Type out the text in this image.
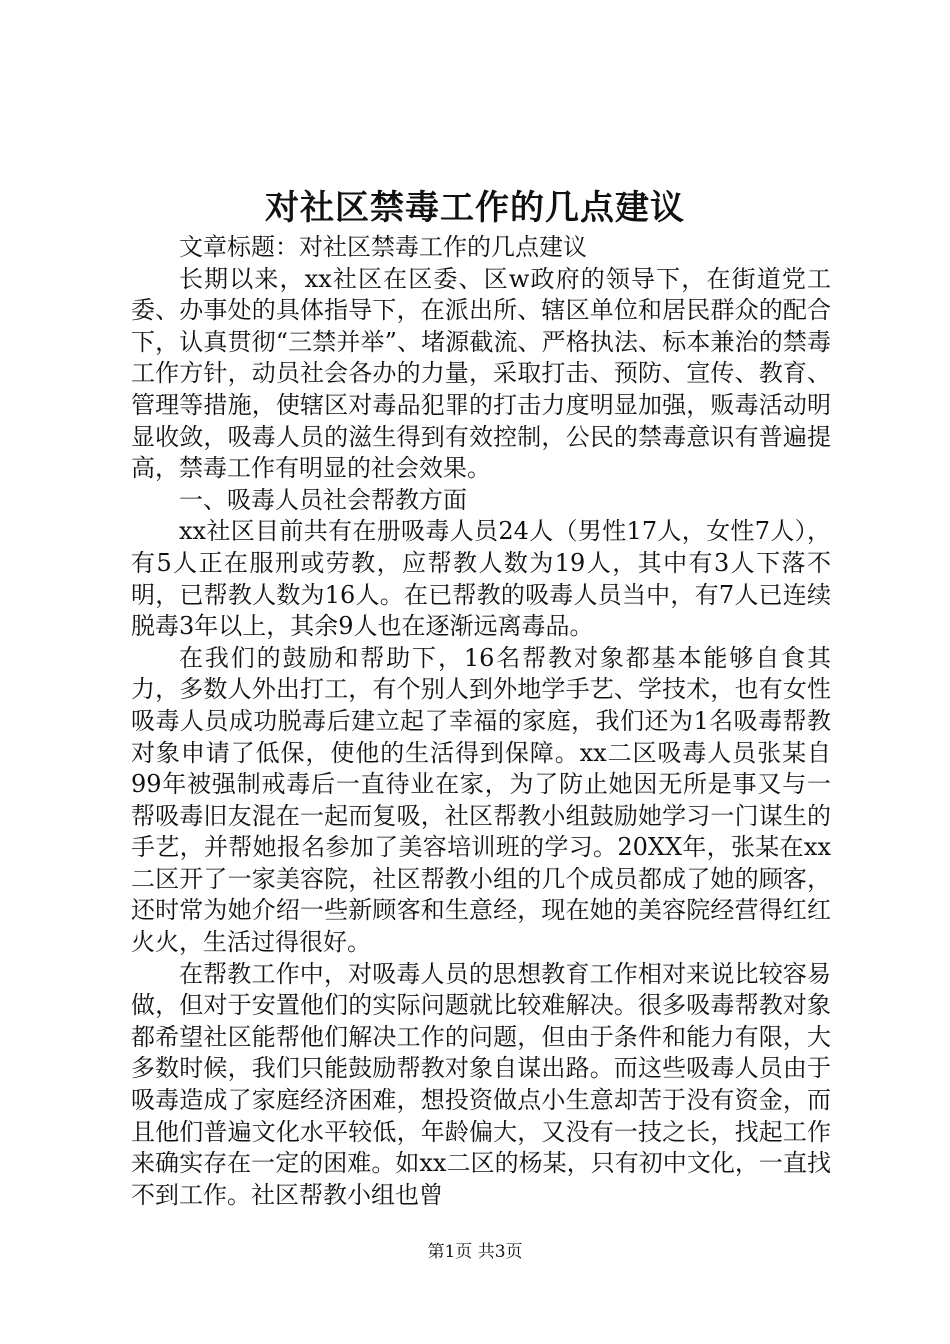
对社区禁毒工作的几点建议

文章标题：对社区禁毒工作的几点建议

长期以来，xx社区在区委、区w政府的领导下，在街道党工委、办事处的具体指导下，在派出所、辖区单位和居民群众的配合下，认真贯彻“三禁并举”、堵源截流、严格执法、标本兼治的禁毒工作方针，动员社会各办的力量，采取打击、预防、宣传、教育、管理等措施，使辖区对毒品犯罪的打击力度明显加强，贩毒活动明显收敛，吸毒人员的滋生得到有效控制，公民的禁毒意识有普遍提高，禁毒工作有明显的社会效果。

一、吸毒人员社会帮教方面

xx社区目前共有在册吸毒人员24人（男性17人，女性7人），有5人正在服刑或劳教，应帮教人数为19人，其中有3人下落不明，已帮教人数为16人。在已帮教的吸毒人员当中，有7人已连续脱毒3年以上，其余9人也在逐渐远离毒品。

在我们的鼓励和帮助下，16名帮教对象都基本能够自食其力，多数人外出打工，有个别人到外地学手艺、学技术，也有女性吸毒人员成功脱毒后建立起了幸福的家庭，我们还为1名吸毒帮教对象申请了低保，使他的生活得到保障。xx二区吸毒人员张某自99年被强制戒毒后一直待业在家，为了防止她因无所是事又与一帮吸毒旧友混在一起而复吸，社区帮教小组鼓励她学习一门谋生的手艺，并帮她报名参加了美容培训班的学习。20XX年，张某在xx二区开了一家美容院，社区帮教小组的几个成员都成了她的顾客，还时常为她介绍一些新顾客和生意经，现在她的美容院经营得红红火火，生活过得很好。

在帮教工作中，对吸毒人员的思想教育工作相对来说比较容易做，但对于安置他们的实际问题就比较难解决。很多吸毒帮教对象都希望社区能帮他们解决工作的问题，但由于条件和能力有限，大多数时候，我们只能鼓励帮教对象自谋出路。而这些吸毒人员由于吸毒造成了家庭经济困难，想投资做点小生意却苦于没有资金，而且他们普遍文化水平较低，年龄偏大，又没有一技之长，找起工作来确实存在一定的困难。如xx二区的杨某，只有初中文化，一直找不到工作。社区帮教小组也曾

第1页 共3页
